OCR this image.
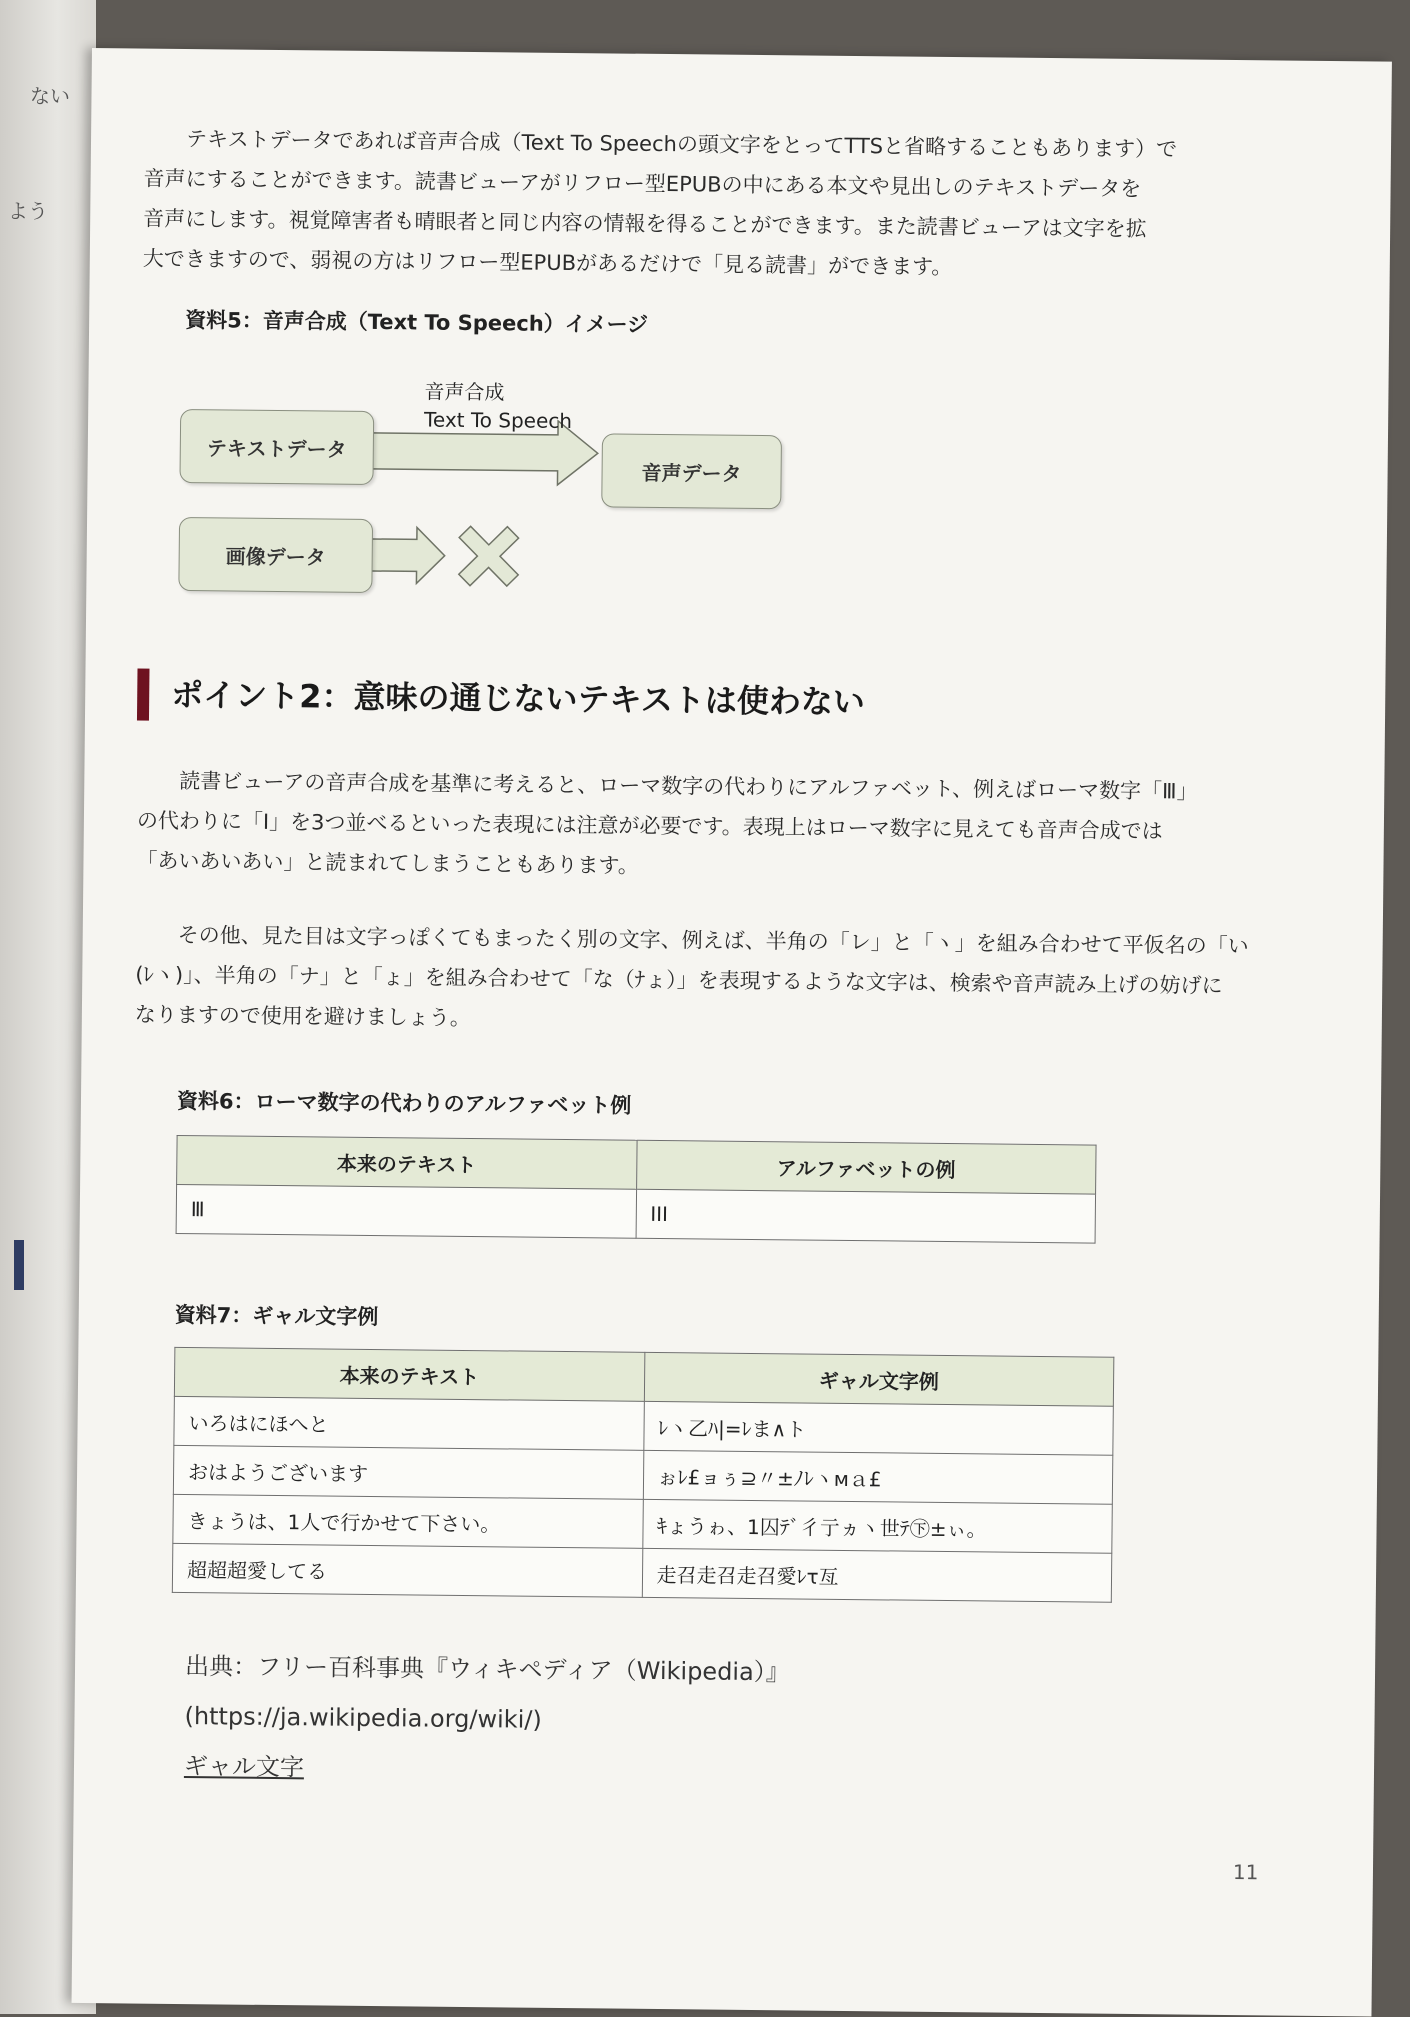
ない
よう

テキストデータであれば音声合成（Text To Speechの頭文字をとってTTSと省略することもあります）で

音声にすることができます。読書ビューアがリフロー型EPUBの中にある本文や見出しのテキストデータを

音声にします。視覚障害者も晴眼者と同じ内容の情報を得ることができます。また読書ビューアは文字を拡

大できますので、弱視の方はリフロー型EPUBがあるだけで「見る読書」ができます。

資料5：音声合成（Text To Speech）イメージ
テキストデータ
画像データ
音声合成
Text To Speech
音声データ
ポイント2：意味の通じないテキストは使わない

読書ビューアの音声合成を基準に考えると、ローマ数字の代わりにアルファベット、例えばローマ数字「Ⅲ」

の代わりに「I」を3つ並べるといった表現には注意が必要です。表現上はローマ数字に見えても音声合成では

「あいあいあい」と読まれてしまうこともあります。

その他、見た目は文字っぽくてもまったく別の文字、例えば、半角の「レ」と「ヽ」を組み合わせて平仮名の「い

(ﾚヽ)」、半角の「ナ」と「ょ」を組み合わせて「な（ﾅょ）」を表現するような文字は、検索や音声読み上げの妨げに

なりますので使用を避けましょう。

資料6：ローマ数字の代わりのアルファベット例
本来のテキスト	アルファベットの例
Ⅲ	III
資料7：ギャル文字例
本来のテキスト	ギャル文字例
いろはにほへと	ﾚヽ乙ﾊ|=ﾚま∧ト
おはようございます	ぉﾚ£ョぅ⊇〃±ﾉﾚヽмａ£
きょうは、1人で行かせて下さい。	ｷょうゎ、1囚ﾃﾞ彳亍ヵヽ世ﾃ㊦±ぃ。
超超超愛してる	走召走召走召愛ﾚτ亙
出典：フリー百科事典『ウィキペディア（Wikipedia）』
(https://ja.wikipedia.org/wiki/)
ギャル文字
11
